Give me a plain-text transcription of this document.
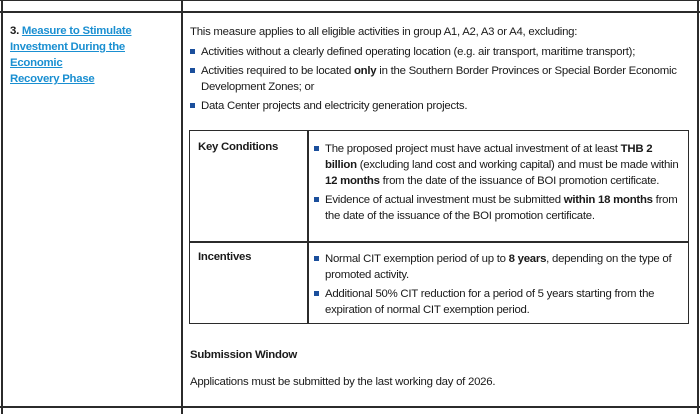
3. Measure to Stimulate
Investment During the Economic
Recovery Phase

This measure applies to all eligible activities in group A1, A2, A3 or A4, excluding:

Activities without a clearly defined operating location (e.g. air transport, maritime transport);
Activities required to be located only in the Southern Border Provinces or Special Border Economic Development Zones; or
Data Center projects and electricity generation projects.
Key Conditions	The proposed project must have actual investment of at least THB 2 billion (excluding land cost and working capital) and must be made within 12 months from the date of the issuance of BOI promotion certificate.
Evidence of actual investment must be submitted within 18 months from the date of the issuance of the BOI promotion certificate.
Incentives	Normal CIT exemption period of up to 8 years, depending on the type of promoted activity.
Additional 50% CIT reduction for a period of 5 years starting from the expiration of normal CIT exemption period.
Submission Window
Applications must be submitted by the last working day of 2026.
